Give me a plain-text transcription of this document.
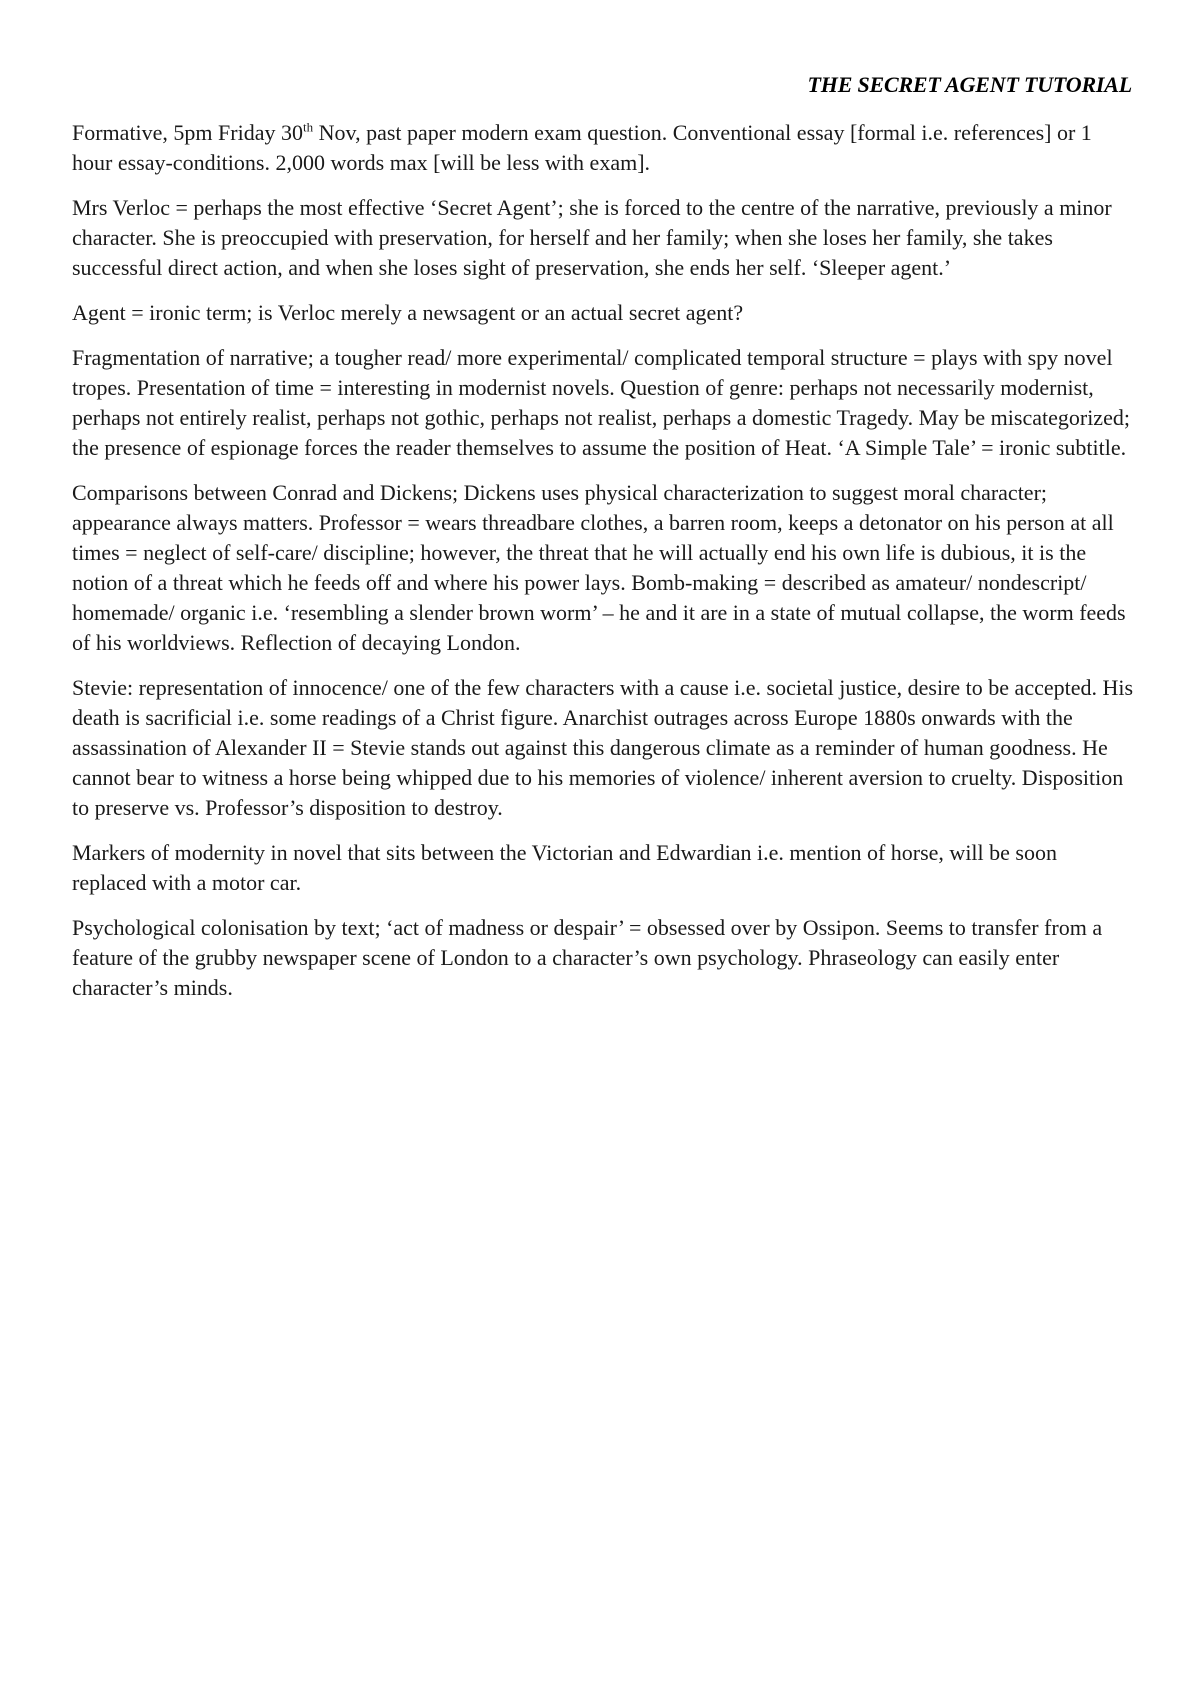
THE SECRET AGENT TUTORIAL

Formative, 5pm Friday 30th Nov, past paper modern exam question. Conventional essay [formal i.e. references] or 1 hour essay-conditions. 2,000 words max [will be less with exam].

Mrs Verloc = perhaps the most effective ‘Secret Agent’; she is forced to the centre of the narrative, previously a minor character. She is preoccupied with preservation, for herself and her family; when she loses her family, she takes successful direct action, and when she loses sight of preservation, she ends her self. ‘Sleeper agent.’

Agent = ironic term; is Verloc merely a newsagent or an actual secret agent?

Fragmentation of narrative; a tougher read/ more experimental/ complicated temporal structure = plays with spy novel tropes. Presentation of time = interesting in modernist novels. Question of genre: perhaps not necessarily modernist, perhaps not entirely realist, perhaps not gothic, perhaps not realist, perhaps a domestic Tragedy. May be miscategorized; the presence of espionage forces the reader themselves to assume the position of Heat. ‘A Simple Tale’ = ironic subtitle.

Comparisons between Conrad and Dickens; Dickens uses physical characterization to suggest moral character; appearance always matters. Professor = wears threadbare clothes, a barren room, keeps a detonator on his person at all times = neglect of self-care/ discipline; however, the threat that he will actually end his own life is dubious, it is the notion of a threat which he feeds off and where his power lays. Bomb-making = described as amateur/ nondescript/ homemade/ organic i.e. ‘resembling a slender brown worm’ – he and it are in a state of mutual collapse, the worm feeds of his worldviews. Reflection of decaying London.

Stevie: representation of innocence/ one of the few characters with a cause i.e. societal justice, desire to be accepted. His death is sacrificial i.e. some readings of a Christ figure. Anarchist outrages across Europe 1880s onwards with the assassination of Alexander II = Stevie stands out against this dangerous climate as a reminder of human goodness. He cannot bear to witness a horse being whipped due to his memories of violence/ inherent aversion to cruelty. Disposition to preserve vs. Professor’s disposition to destroy.

Markers of modernity in novel that sits between the Victorian and Edwardian i.e. mention of horse, will be soon replaced with a motor car.

Psychological colonisation by text; ‘act of madness or despair’ = obsessed over by Ossipon. Seems to transfer from a feature of the grubby newspaper scene of London to a character’s own psychology. Phraseology can easily enter character’s minds.
